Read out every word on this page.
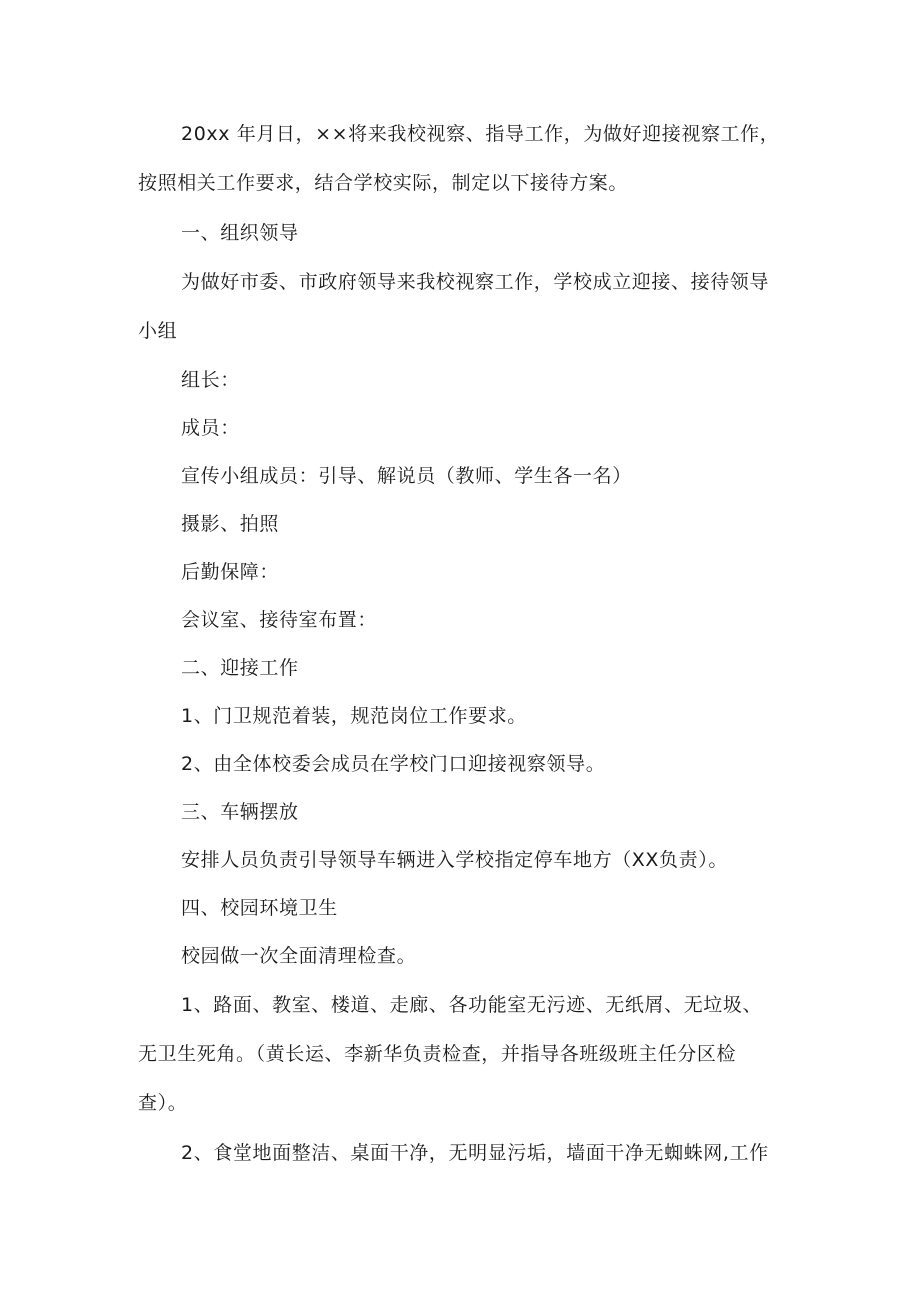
20xx 年月日，××将来我校视察、指导工作，为做好迎接视察工作，
按照相关工作要求，结合学校实际，制定以下接待方案。
一、组织领导
为做好市委、市政府领导来我校视察工作，学校成立迎接、接待领导
小组
组长：
成员：
宣传小组成员：引导、解说员（教师、学生各一名）
摄影、拍照
后勤保障：
会议室、接待室布置：
二、迎接工作
1、门卫规范着装，规范岗位工作要求。
2、由全体校委会成员在学校门口迎接视察领导。
三、车辆摆放
安排人员负责引导领导车辆进入学校指定停车地方（XX负责）。
四、校园环境卫生
校园做一次全面清理检查。
1、路面、教室、楼道、走廊、各功能室无污迹、无纸屑、无垃圾、
无卫生死角。（黄长运、李新华负责检查，并指导各班级班主任分区检
查）。
2、食堂地面整洁、桌面干净，无明显污垢，墙面干净无蜘蛛网,工作
